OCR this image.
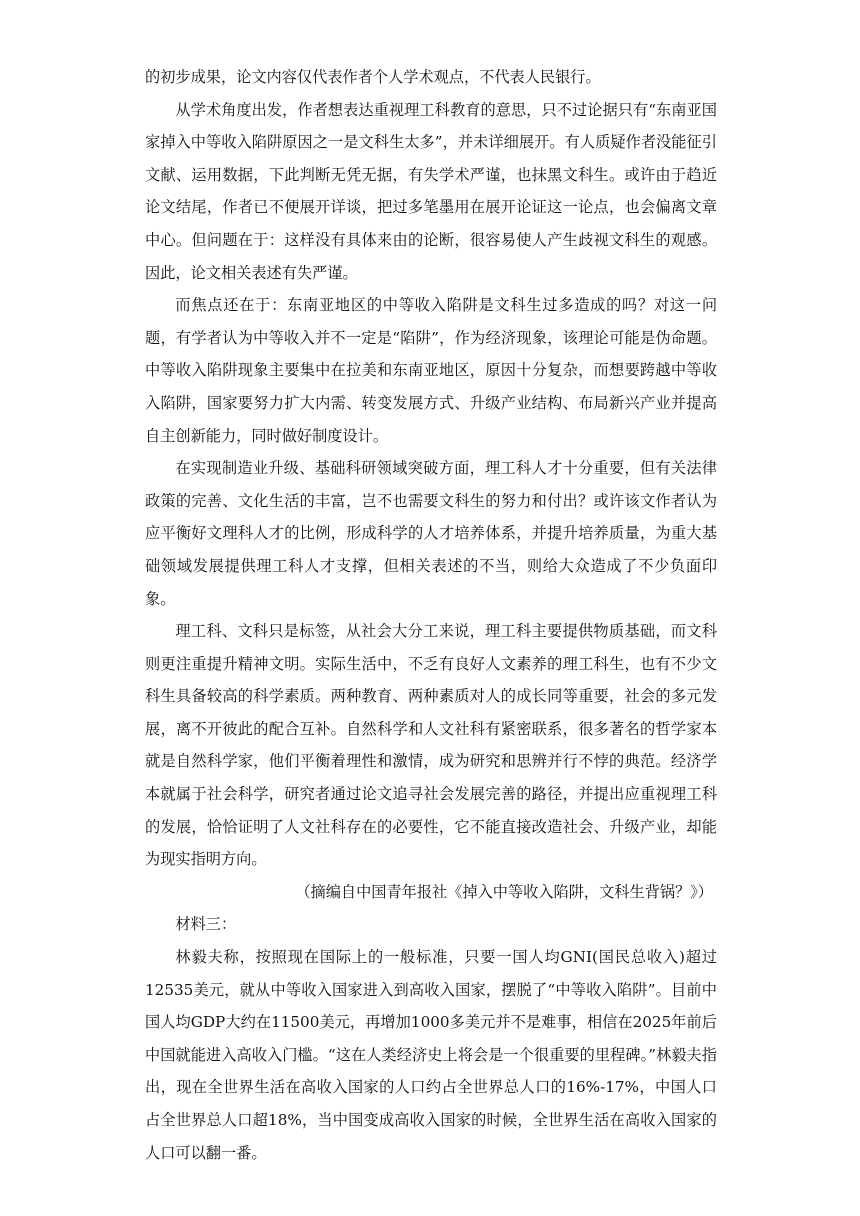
的初步成果，论文内容仅代表作者个人学术观点，不代表人民银行。

从学术角度出发，作者想表达重视理工科教育的意思，只不过论据只有“东南亚国家掉入中等收入陷阱原因之一是文科生太多”，并未详细展开。有人质疑作者没能征引文献、运用数据，下此判断无凭无据，有失学术严谨，也抹黑文科生。或许由于趋近论文结尾，作者已不便展开详谈，把过多笔墨用在展开论证这一论点，也会偏离文章中心。但问题在于：这样没有具体来由的论断，很容易使人产生歧视文科生的观感。因此，论文相关表述有失严谨。

而焦点还在于：东南亚地区的中等收入陷阱是文科生过多造成的吗？对这一问题，有学者认为中等收入并不一定是“陷阱”，作为经济现象，该理论可能是伪命题。中等收入陷阱现象主要集中在拉美和东南亚地区，原因十分复杂，而想要跨越中等收入陷阱，国家要努力扩大内需、转变发展方式、升级产业结构、布局新兴产业并提高自主创新能力，同时做好制度设计。

在实现制造业升级、基础科研领域突破方面，理工科人才十分重要，但有关法律政策的完善、文化生活的丰富，岂不也需要文科生的努力和付出？或许该文作者认为应平衡好文理科人才的比例，形成科学的人才培养体系，并提升培养质量，为重大基础领域发展提供理工科人才支撑，但相关表述的不当，则给大众造成了不少负面印象。

理工科、文科只是标签，从社会大分工来说，理工科主要提供物质基础，而文科则更注重提升精神文明。实际生活中，不乏有良好人文素养的理工科生，也有不少文科生具备较高的科学素质。两种教育、两种素质对人的成长同等重要，社会的多元发展，离不开彼此的配合互补。自然科学和人文社科有紧密联系，很多著名的哲学家本就是自然科学家，他们平衡着理性和激情，成为研究和思辨并行不悖的典范。经济学本就属于社会科学，研究者通过论文追寻社会发展完善的路径，并提出应重视理工科的发展，恰恰证明了人文社科存在的必要性，它不能直接改造社会、升级产业，却能为现实指明方向。

（摘编自中国青年报社《掉入中等收入陷阱，文科生背锅？》）

材料三：

林毅夫称，按照现在国际上的一般标准，只要一国人均GNI(国民总收入)超过12535美元，就从中等收入国家进入到高收入国家，摆脱了“中等收入陷阱”。目前中国人均GDP大约在11500美元，再增加1000多美元并不是难事，相信在2025年前后中国就能进入高收入门槛。“这在人类经济史上将会是一个很重要的里程碑。”林毅夫指出，现在全世界生活在高收入国家的人口约占全世界总人口的16%-17%，中国人口占全世界总人口超18%，当中国变成高收入国家的时候，全世界生活在高收入国家的人口可以翻一番。
